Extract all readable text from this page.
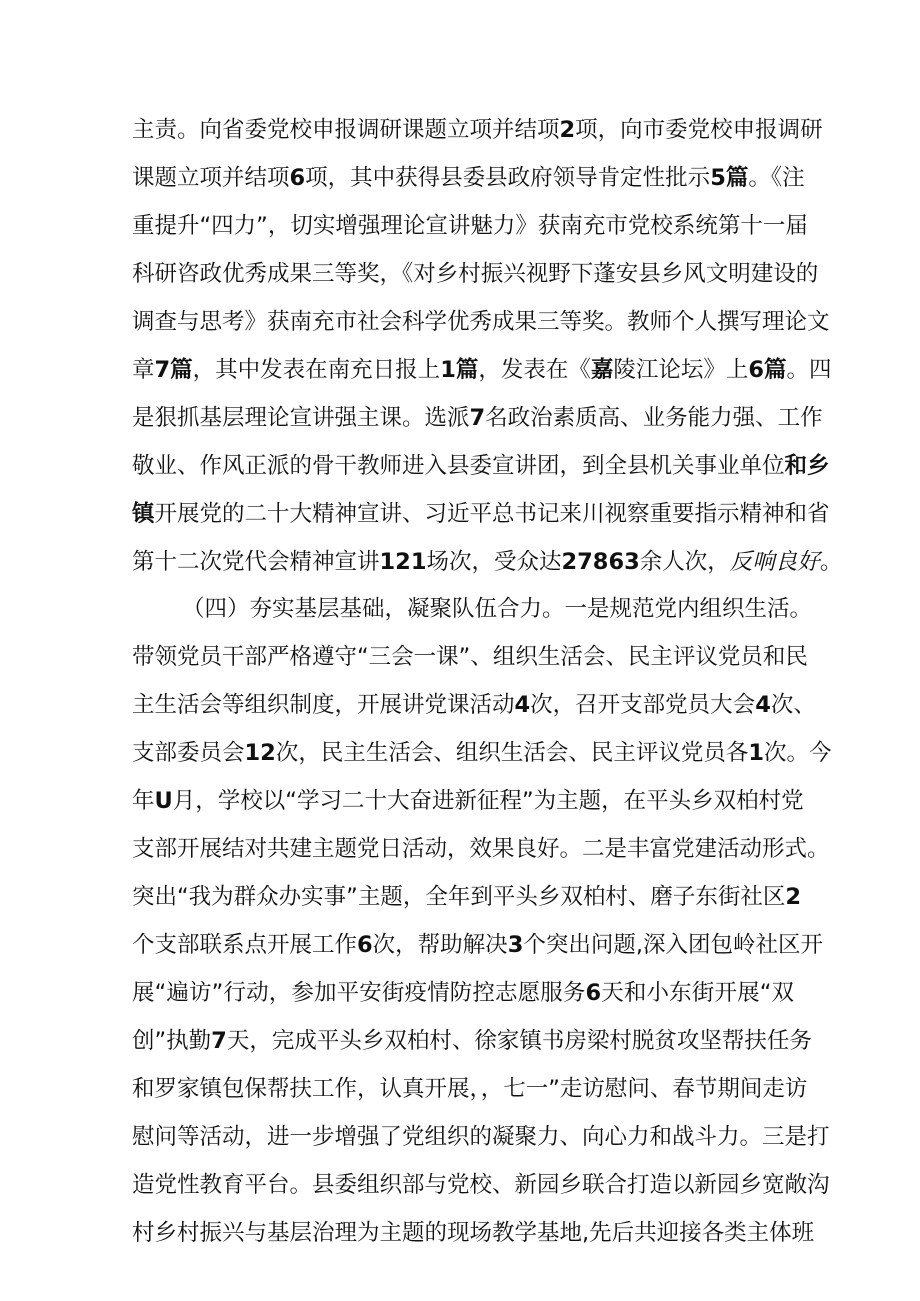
主责。向省委党校申报调研课题立项并结项2项，向市委党校申报调研
课题立项并结项6项，其中获得县委县政府领导肯定性批示5篇。《注
重提升“四力”，切实增强理论宣讲魅力》获南充市党校系统第十一届
科研咨政优秀成果三等奖，《对乡村振兴视野下蓬安县乡风文明建设的
调查与思考》获南充市社会科学优秀成果三等奖。教师个人撰写理论文
章7篇，其中发表在南充日报上1篇，发表在《嘉陵江论坛》上6篇。四
是狠抓基层理论宣讲强主课。选派7名政治素质高、业务能力强、工作
敬业、作风正派的骨干教师进入县委宣讲团，到全县机关事业单位和乡
镇开展党的二十大精神宣讲、习近平总书记来川视察重要指示精神和省
第十二次党代会精神宣讲121场次，受众达27863余人次，反响良好。
（四）夯实基层基础，凝聚队伍合力。一是规范党内组织生活。
带领党员干部严格遵守“三会一课”、组织生活会、民主评议党员和民
主生活会等组织制度，开展讲党课活动4次，召开支部党员大会4次、
支部委员会12次，民主生活会、组织生活会、民主评议党员各1次。今
年U月，学校以“学习二十大奋进新征程”为主题，在平头乡双柏村党
支部开展结对共建主题党日活动，效果良好。二是丰富党建活动形式。
突出“我为群众办实事”主题，全年到平头乡双柏村、磨子东街社区2
个支部联系点开展工作6次，帮助解决3个突出问题,深入团包岭社区开
展“遍访”行动，参加平安街疫情防控志愿服务6天和小东街开展“双
创”执勤7天，完成平头乡双柏村、徐家镇书房梁村脱贫攻坚帮扶任务
和罗家镇包保帮扶工作，认真开展，，七一”走访慰问、春节期间走访
慰问等活动，进一步增强了党组织的凝聚力、向心力和战斗力。三是打
造党性教育平台。县委组织部与党校、新园乡联合打造以新园乡宽敞沟
村乡村振兴与基层治理为主题的现场教学基地,先后共迎接各类主体班
